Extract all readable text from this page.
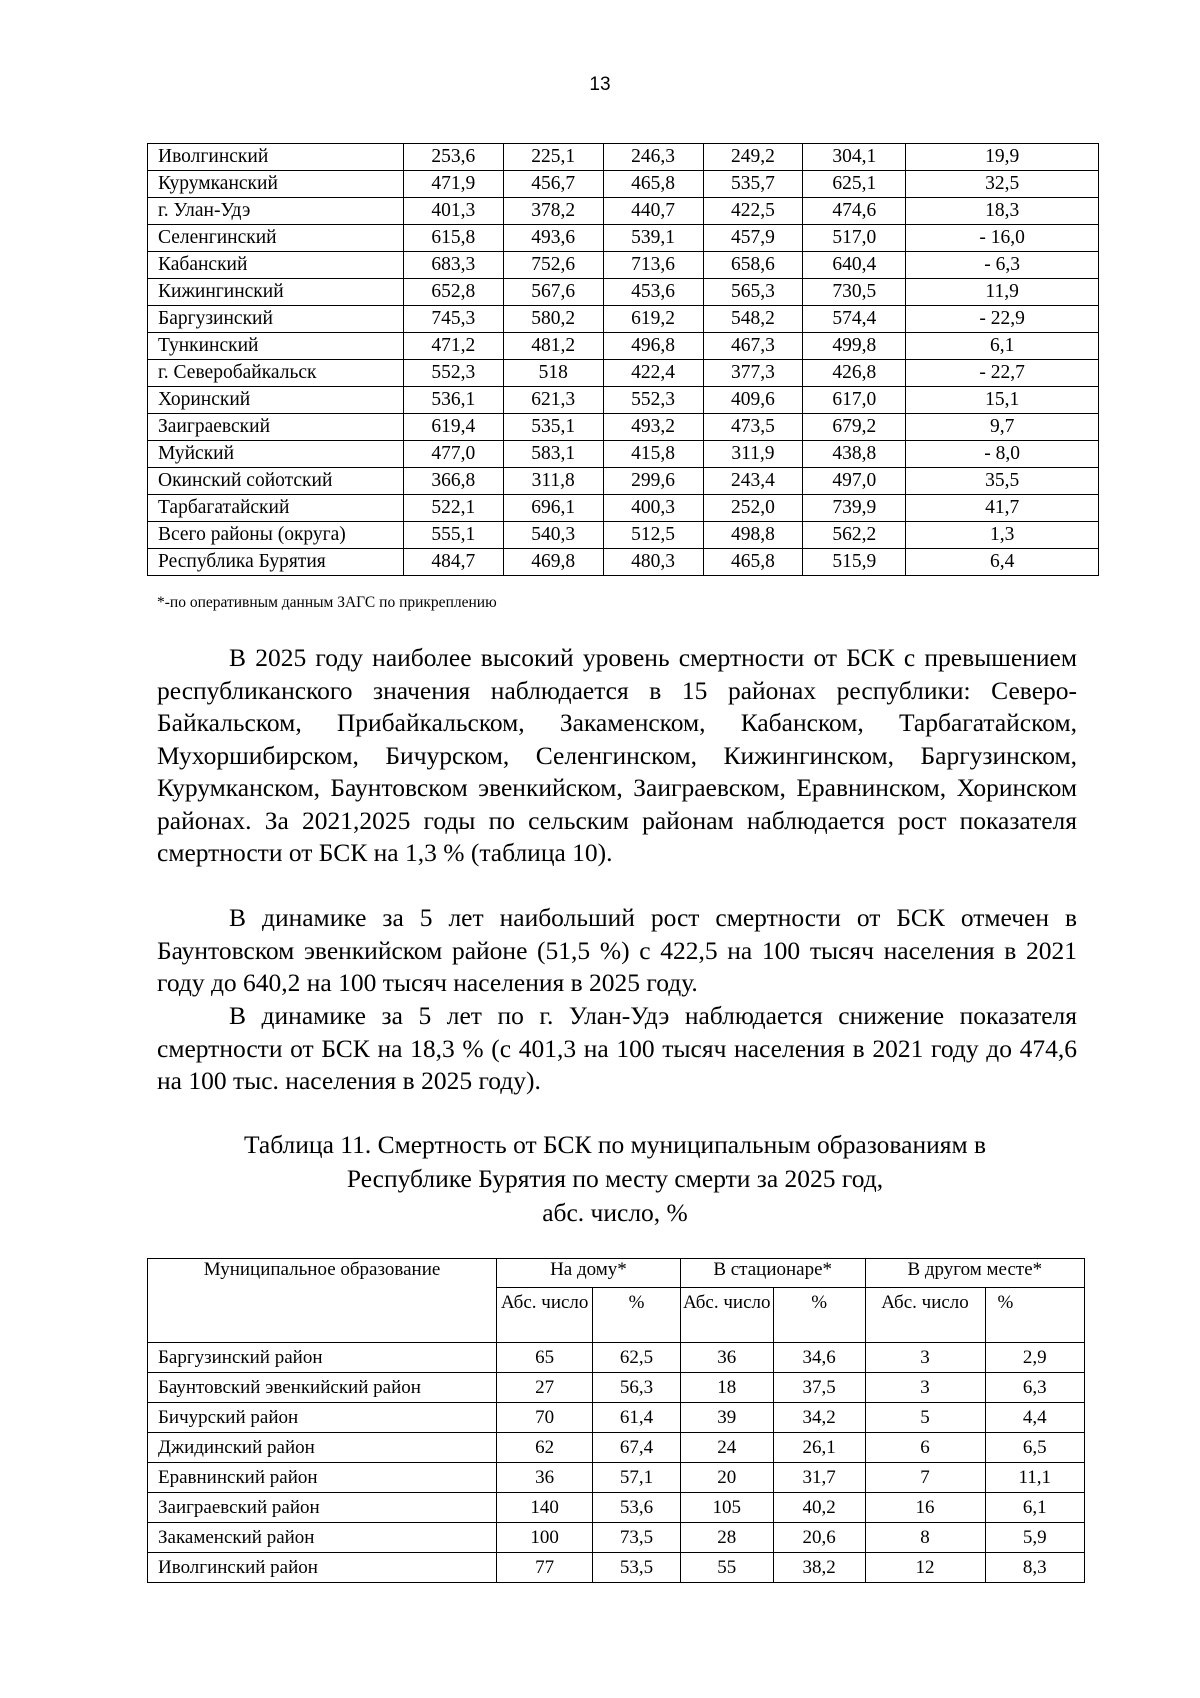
13
Иволгинский	253,6	225,1	246,3	249,2	304,1	19,9
Курумканский	471,9	456,7	465,8	535,7	625,1	32,5
г. Улан-Удэ	401,3	378,2	440,7	422,5	474,6	18,3
Селенгинский	615,8	493,6	539,1	457,9	517,0	- 16,0
Кабанский	683,3	752,6	713,6	658,6	640,4	- 6,3
Кижингинский	652,8	567,6	453,6	565,3	730,5	11,9
Баргузинский	745,3	580,2	619,2	548,2	574,4	- 22,9
Тункинский	471,2	481,2	496,8	467,3	499,8	6,1
г. Северобайкальск	552,3	518	422,4	377,3	426,8	- 22,7
Хоринский	536,1	621,3	552,3	409,6	617,0	15,1
Заиграевский	619,4	535,1	493,2	473,5	679,2	9,7
Муйский	477,0	583,1	415,8	311,9	438,8	- 8,0
Окинский сойотский	366,8	311,8	299,6	243,4	497,0	35,5
Тарбагатайский	522,1	696,1	400,3	252,0	739,9	41,7
Всего районы (округа)	555,1	540,3	512,5	498,8	562,2	1,3
Республика Бурятия	484,7	469,8	480,3	465,8	515,9	6,4
*-по оперативным данным ЗАГС по прикреплению

В 2025 году наиболее высокий уровень смертности от БСК с превышением республиканского значения наблюдается в 15 районах республики: Северо-Байкальском, Прибайкальском, Закаменском, Кабанском, Тарбагатайском, Мухоршибирском, Бичурском, Селенгинском, Кижингинском, Баргузинском, Курумканском, Баунтовском эвенкийском, Заиграевском, Еравнинском, Хоринском районах. За 2021,2025 годы по сельским районам наблюдается рост показателя смертности от БСК на 1,3 % (таблица 10).

В динамике за 5 лет наибольший рост смертности от БСК отмечен в Баунтовском эвенкийском районе (51,5 %) с 422,5 на 100 тысяч населения в 2021 году до 640,2 на 100 тысяч населения в 2025 году.

В динамике за 5 лет по г. Улан-Удэ наблюдается снижение показателя смертности от БСК на 18,3 % (с 401,3 на 100 тысяч населения в 2021 году до 474,6 на 100 тыс. населения в 2025 году).

Таблица 11. Смертность от БСК по муниципальным образованиям в
Республике Бурятия по месту смерти за 2025 год,
абс. число, %
Муниципальное образование	На дому*		В стационаре*		В другом месте*	
	Абс. число	%	Абс. число	%	Абс. число	%
Баргузинский район	65	62,5	36	34,6	3	2,9
Баунтовский эвенкийский район	27	56,3	18	37,5	3	6,3
Бичурский район	70	61,4	39	34,2	5	4,4
Джидинский район	62	67,4	24	26,1	6	6,5
Еравнинский район	36	57,1	20	31,7	7	11,1
Заиграевский район	140	53,6	105	40,2	16	6,1
Закаменский район	100	73,5	28	20,6	8	5,9
Иволгинский район	77	53,5	55	38,2	12	8,3
